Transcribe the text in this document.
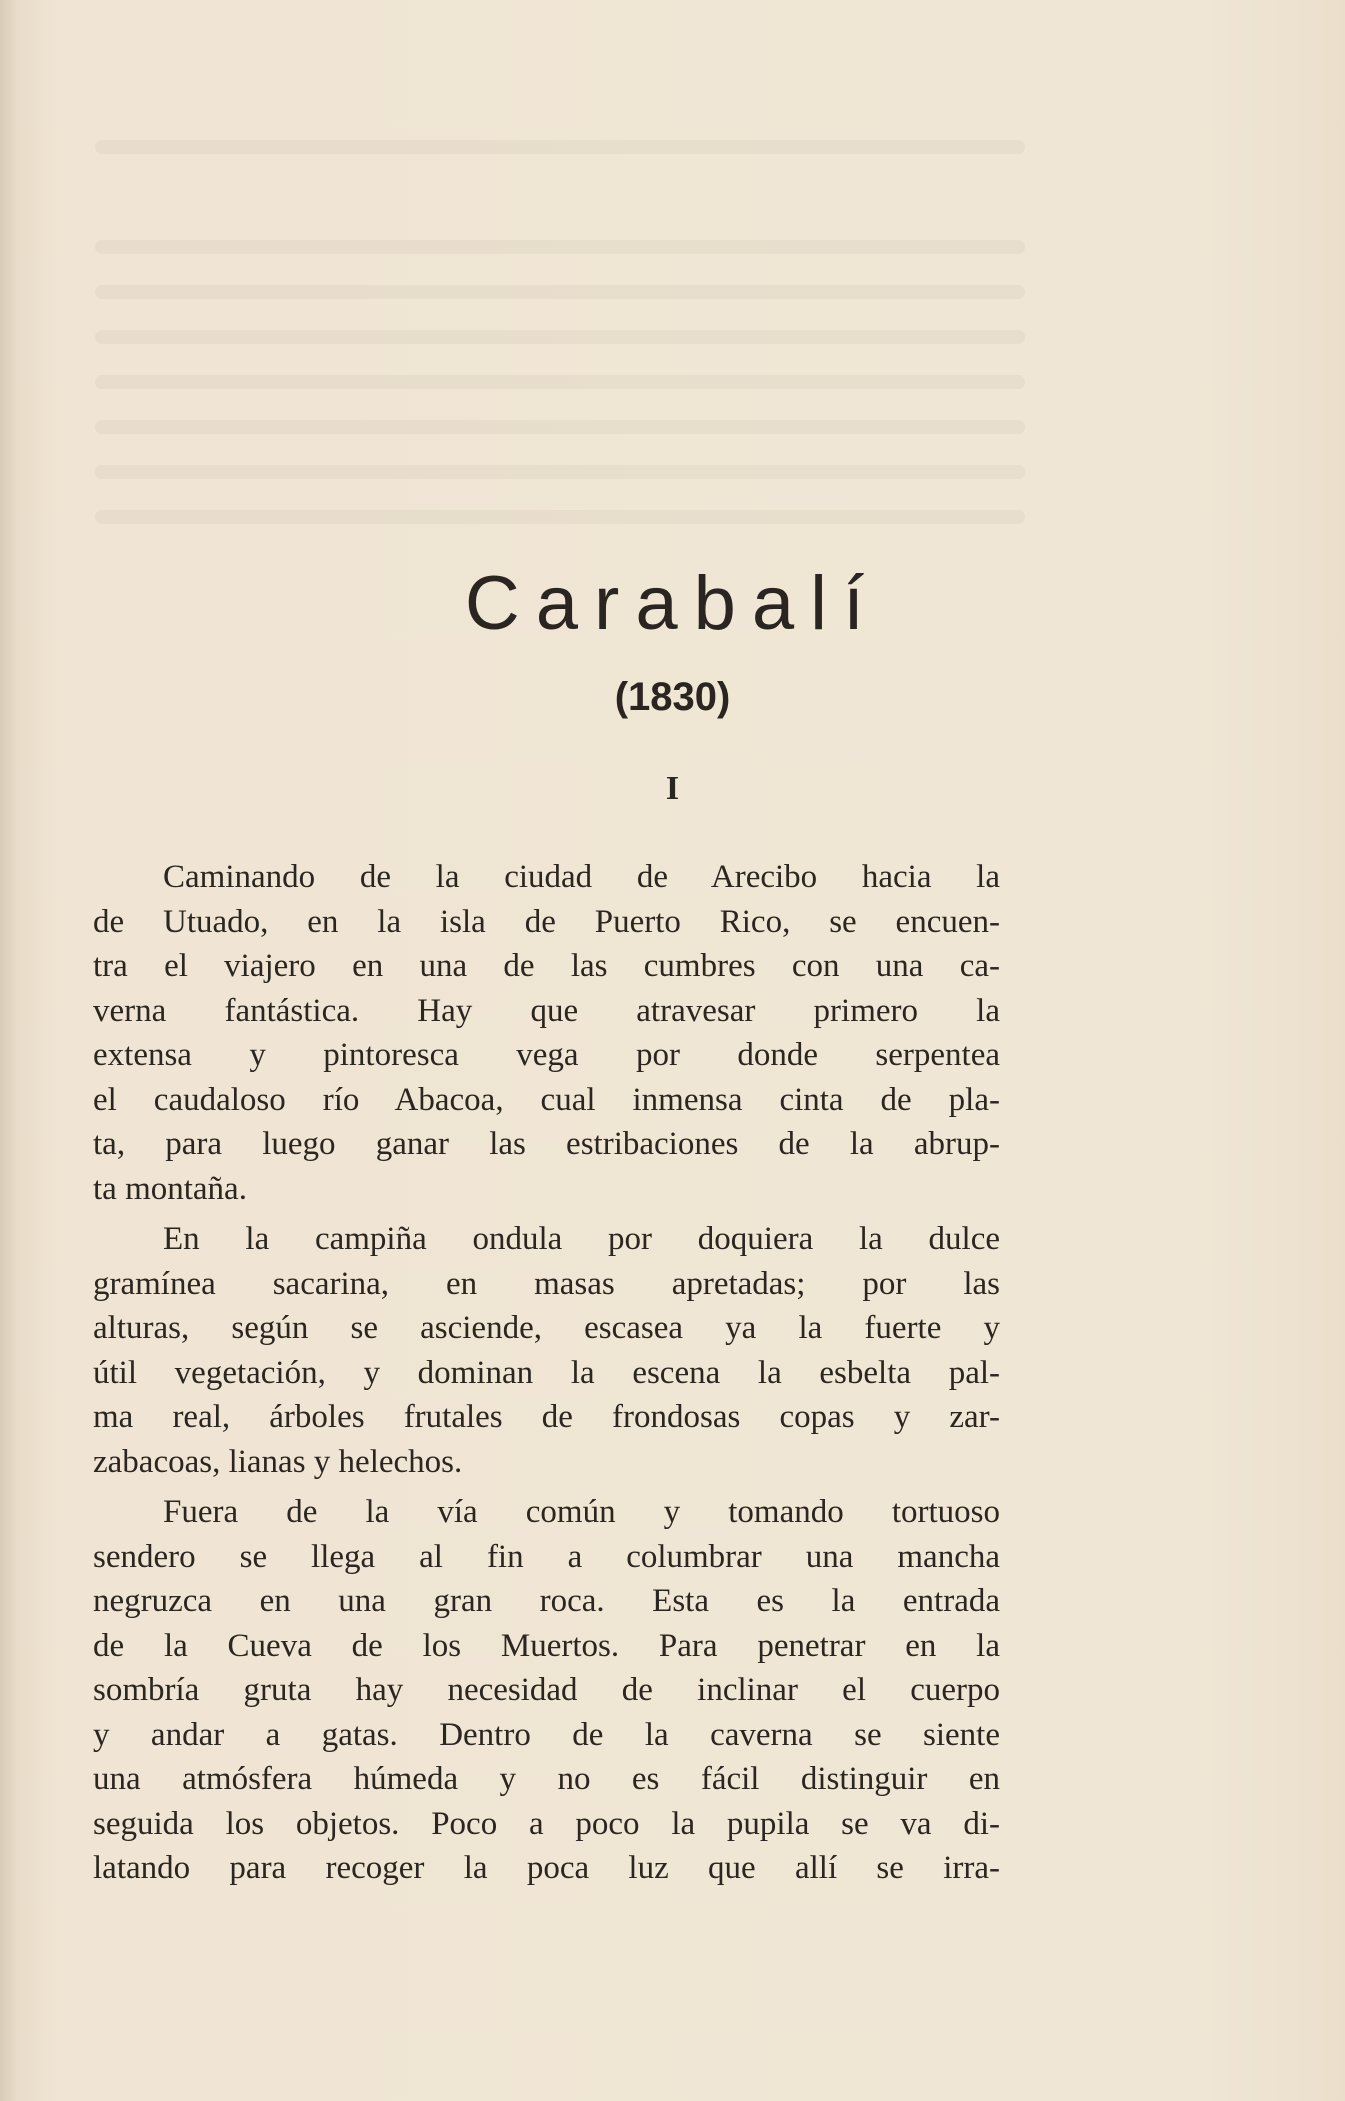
Carabalí
(1830)
I

Caminando de la ciudad de Arecibo hacia la
de Utuado, en la isla de Puerto Rico, se encuen-
tra el viajero en una de las cumbres con una ca-
verna fantástica. Hay que atravesar primero la
extensa y pintoresca vega por donde serpentea
el caudaloso río Abacoa, cual inmensa cinta de pla-
ta, para luego ganar las estribaciones de la abrup-
ta montaña.

En la campiña ondula por doquiera la dulce
gramínea sacarina, en masas apretadas; por las
alturas, según se asciende, escasea ya la fuerte y
útil vegetación, y dominan la escena la esbelta pal-
ma real, árboles frutales de frondosas copas y zar-
zabacoas, lianas y helechos.

Fuera de la vía común y tomando tortuoso
sendero se llega al fin a columbrar una mancha
negruzca en una gran roca. Esta es la entrada
de la Cueva de los Muertos. Para penetrar en la
sombría gruta hay necesidad de inclinar el cuerpo
y andar a gatas. Dentro de la caverna se siente
una atmósfera húmeda y no es fácil distinguir en
seguida los objetos. Poco a poco la pupila se va di-
latando para recoger la poca luz que allí se irra-
